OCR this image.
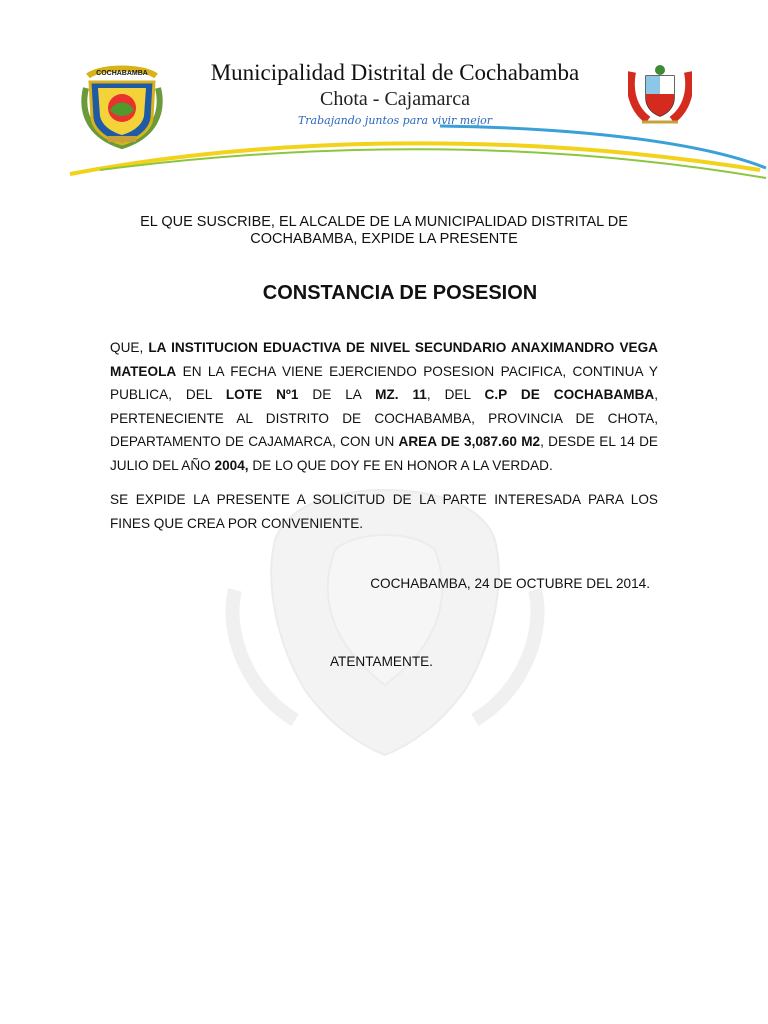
COCHABAMBA	Municipalidad Distrital de Cochabamba
Chota - Cajamarca
Trabajando juntos para vivir mejor
EL QUE SUSCRIBE, EL ALCALDE DE LA MUNICIPALIDAD DISTRITAL DE COCHABAMBA, EXPIDE LA PRESENTE
CONSTANCIA DE POSESION
QUE, LA INSTITUCION EDUACTIVA DE NIVEL SECUNDARIO ANAXIMANDRO VEGA MATEOLA EN LA FECHA VIENE EJERCIENDO POSESION PACIFICA, CONTINUA Y PUBLICA, DEL LOTE Nº1 DE LA MZ. 11, DEL C.P DE COCHABAMBA, PERTENECIENTE AL DISTRITO DE COCHABAMBA, PROVINCIA DE CHOTA, DEPARTAMENTO DE CAJAMARCA, CON UN AREA DE 3,087.60 M2, DESDE EL 14 DE JULIO DEL AÑO 2004, DE LO QUE DOY FE EN HONOR A LA VERDAD.
SE EXPIDE LA PRESENTE A SOLICITUD DE LA PARTE INTERESADA PARA LOS FINES QUE CREA POR CONVENIENTE.
COCHABAMBA, 24 DE OCTUBRE DEL 2014.
ATENTAMENTE.
